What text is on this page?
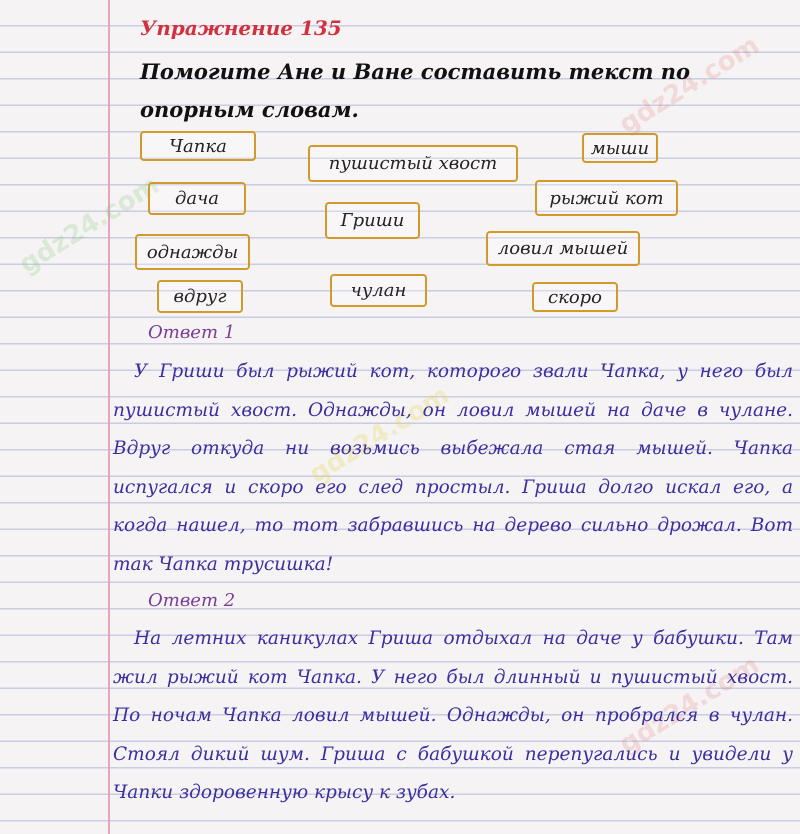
gdz24.com
gdz24.com
gdz24.com
gdz24.com
Упражнение 135
Помогите Ане и Ване составить текст по опорным словам.
Чапка
пушистый хвост
мыши
дача	рыжий кот
Гриши
однажды	ловил мышей
вдруг	чулан	скоро
Ответ 1

У Гриши был рыжий кот, которого звали Чапка, у него был пушистый хвост. Однажды, он ловил мышей на даче в чулане. Вдруг откуда ни возьмись выбежала стая мышей. Чапка испугался и скоро его след простыл. Гриша долго искал его, а когда нашел, то тот забравшись на дерево сильно дрожал. Вот так Чапка трусишка!

Ответ 2

На летних каникулах Гриша отдыхал на даче у бабушки. Там жил рыжий кот Чапка. У него был длинный и пушистый хвост. По ночам Чапка ловил мышей. Однажды, он пробрался в чулан. Стоял дикий шум. Гриша с бабушкой перепугались и увидели у Чапки здоровенную крысу к зубах.
